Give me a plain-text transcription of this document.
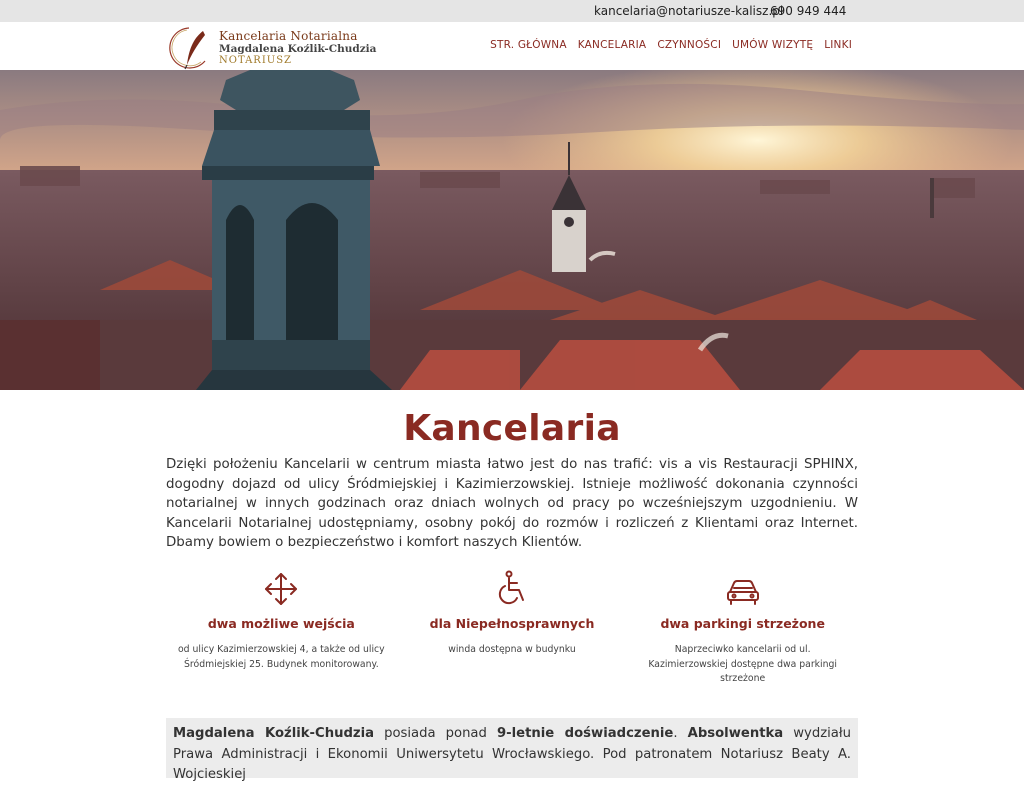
kancelaria@notariusze-kalisz.pl
690 949 444
Kancelaria Notarialna
Magdalena Koźlik-Chudzia
NOTARIUSZ
STR. GŁÓWNA KANCELARIA CZYNNOŚCI UMÓW WIZYTĘ LINKI
Kancelaria

Dzięki położeniu Kancelarii w centrum miasta łatwo jest do nas trafić: vis a vis Restauracji SPHINX, dogodny dojazd od ulicy Śródmiejskiej i Kazimierzowskiej. Istnieje możliwość dokonania czynności notarialnej w innych godzinach oraz dniach wolnych od pracy po wcześniejszym uzgodnieniu. W Kancelarii Notarialnej udostępniamy, osobny pokój do rozmów i rozliczeń z Klientami oraz Internet. Dbamy bowiem o bezpieczeństwo i komfort naszych Klientów.

dwa możliwe wejścia

od ulicy Kazimierzowskiej 4, a także od ulicy Śródmiejskiej 25. Budynek monitorowany.

dla Niepełnosprawnych

winda dostępna w budynku

dwa parkingi strzeżone

Naprzeciwko kancelarii od ul. Kazimierzowskiej dostępne dwa parkingi strzeżone

Magdalena Koźlik-Chudzia posiada ponad 9-letnie doświadczenie. Absolwentka wydziału Prawa Administracji i Ekonomii Uniwersytetu Wrocławskiego. Pod patronatem Notariusz Beaty A. Wojcieskiej
